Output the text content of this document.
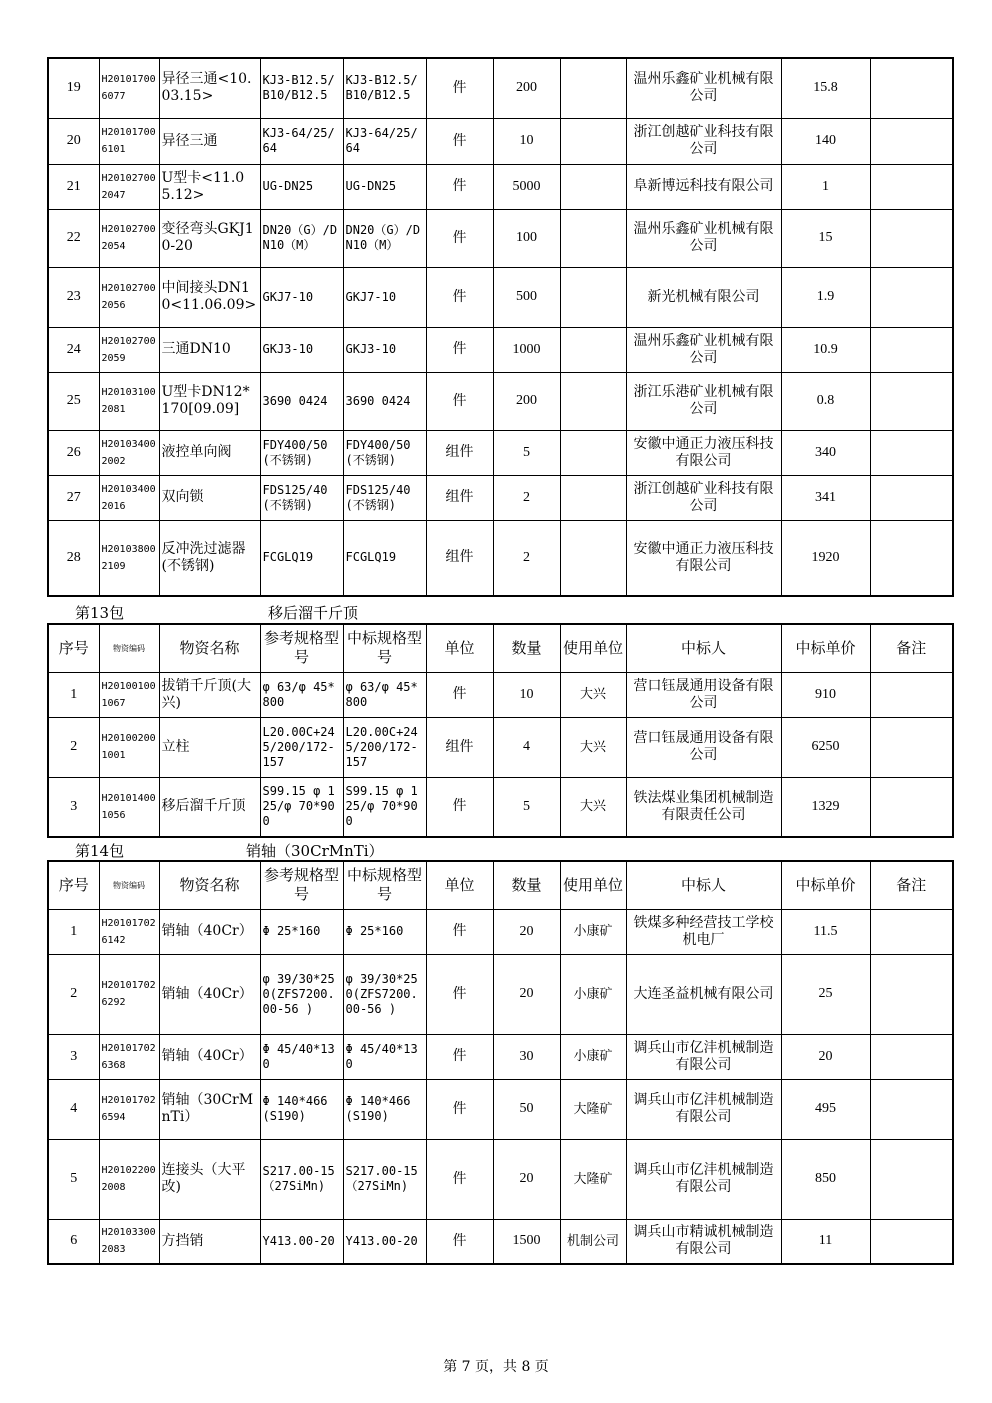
19	H201017006077	异径三通<10.03.15>	KJ3-B12.5/B10/B12.5	KJ3-B12.5/B10/B12.5	件	200		温州乐鑫矿业机械有限公司	15.8	
20	H201017006101	异径三通	KJ3-64/25/64	KJ3-64/25/64	件	10		浙江创越矿业科技有限公司	140	
21	H201027002047	U型卡<11.05.12>	UG-DN25	UG-DN25	件	5000		阜新博远科技有限公司	1	
22	H201027002054	变径弯头GKJ10-20	DN20（G）/DN10（M）	DN20（G）/DN10（M）	件	100		温州乐鑫矿业机械有限公司	15	
23	H201027002056	中间接头DN10<11.06.09>	GKJ7-10	GKJ7-10	件	500		新光机械有限公司	1.9	
24	H201027002059	三通DN10	GKJ3-10	GKJ3-10	件	1000		温州乐鑫矿业机械有限公司	10.9	
25	H201031002081	U型卡DN12*170[09.09]	3690 0424	3690 0424	件	200		浙江乐港矿业机械有限公司	0.8	
26	H201034002002	液控单向阀	FDY400/50(不锈钢)	FDY400/50(不锈钢)	组件	5		安徽中通正力液压科技有限公司	340	
27	H201034002016	双向锁	FDS125/40(不锈钢)	FDS125/40(不锈钢)	组件	2		浙江创越矿业科技有限公司	341	
28	H201038002109	反冲洗过滤器(不锈钢)	FCGLQ19	FCGLQ19	组件	2		安徽中通正力液压科技有限公司	1920	
第13包	移后溜千斤顶
序号	物资编码	物资名称	参考规格型号	中标规格型号	单位	数量	使用单位	中标人	中标单价	备注
1	H201001001067	拔销千斤顶(大兴)	φ 63/φ 45*800	φ 63/φ 45*800	件	10	大兴	营口钰晟通用设备有限公司	910	
2	H201002001001	立柱	L20.00C+245/200/172-157	L20.00C+245/200/172-157	组件	4	大兴	营口钰晟通用设备有限公司	6250	
3	H201014001056	移后溜千斤顶	S99.15 φ 125/φ 70*900	S99.15 φ 125/φ 70*900	件	5	大兴	铁法煤业集团机械制造有限责任公司	1329	
第14包	销轴（30CrMnTi）
序号	物资编码	物资名称	参考规格型号	中标规格型号	单位	数量	使用单位	中标人	中标单价	备注
1	H201017026142	销轴（40Cr）	Φ 25*160	Φ 25*160	件	20	小康矿	铁煤多种经营技工学校机电厂	11.5	
2	H201017026292	销轴（40Cr）	φ 39/30*250(ZFS7200.00-56 )	φ 39/30*250(ZFS7200.00-56 )	件	20	小康矿	大连圣益机械有限公司	25	
3	H201017026368	销轴（40Cr）	Φ 45/40*130	Φ 45/40*130	件	30	小康矿	调兵山市亿沣机械制造有限公司	20	
4	H201017026594	销轴（30CrMnTi）	Φ 140*466(S190)	Φ 140*466(S190)	件	50	大隆矿	调兵山市亿沣机械制造有限公司	495	
5	H201022002008	连接头（大平改)	S217.00-15（27SiMn)	S217.00-15（27SiMn)	件	20	大隆矿	调兵山市亿沣机械制造有限公司	850	
6	H201033002083	方挡销	Y413.00-20	Y413.00-20	件	1500	机制公司	调兵山市精诚机械制造有限公司	11	
第 7 页，共 8 页
